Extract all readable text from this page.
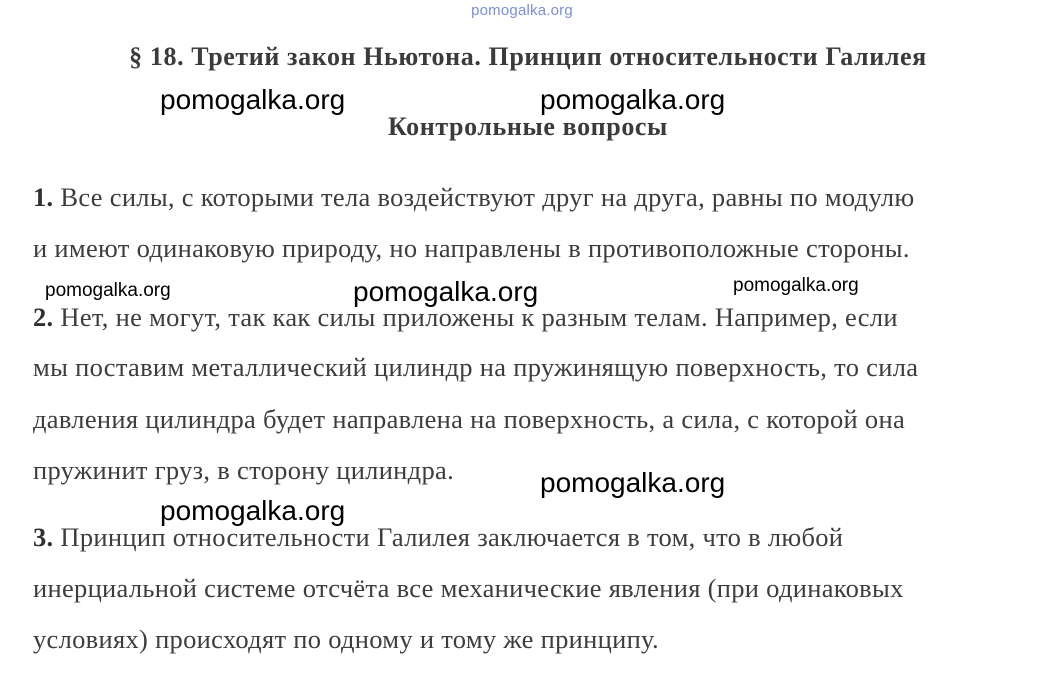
pomogalka.org
§ 18. Третий закон Ньютона. Принцип относительности Галилея
Контрольные вопросы
1. Все силы, с которыми тела воздействуют друг на друга, равны по модулю
и имеют одинаковую природу, но направлены в противоположные стороны.
2. Нет, не могут, так как силы приложены к разным телам. Например, если
мы поставим металлический цилиндр на пружинящую поверхность, то сила
давления цилиндра будет направлена на поверхность, а сила, с которой она
пружинит груз, в сторону цилиндра.
3. Принцип относительности Галилея заключается в том, что в любой
инерциальной системе отсчёта все механические явления (при одинаковых
условиях) происходят по одному и тому же принципу.
pomogalka.org	pomogalka.org
pomogalka.org	pomogalka.org	pomogalka.org
pomogalka.org
pomogalka.org
